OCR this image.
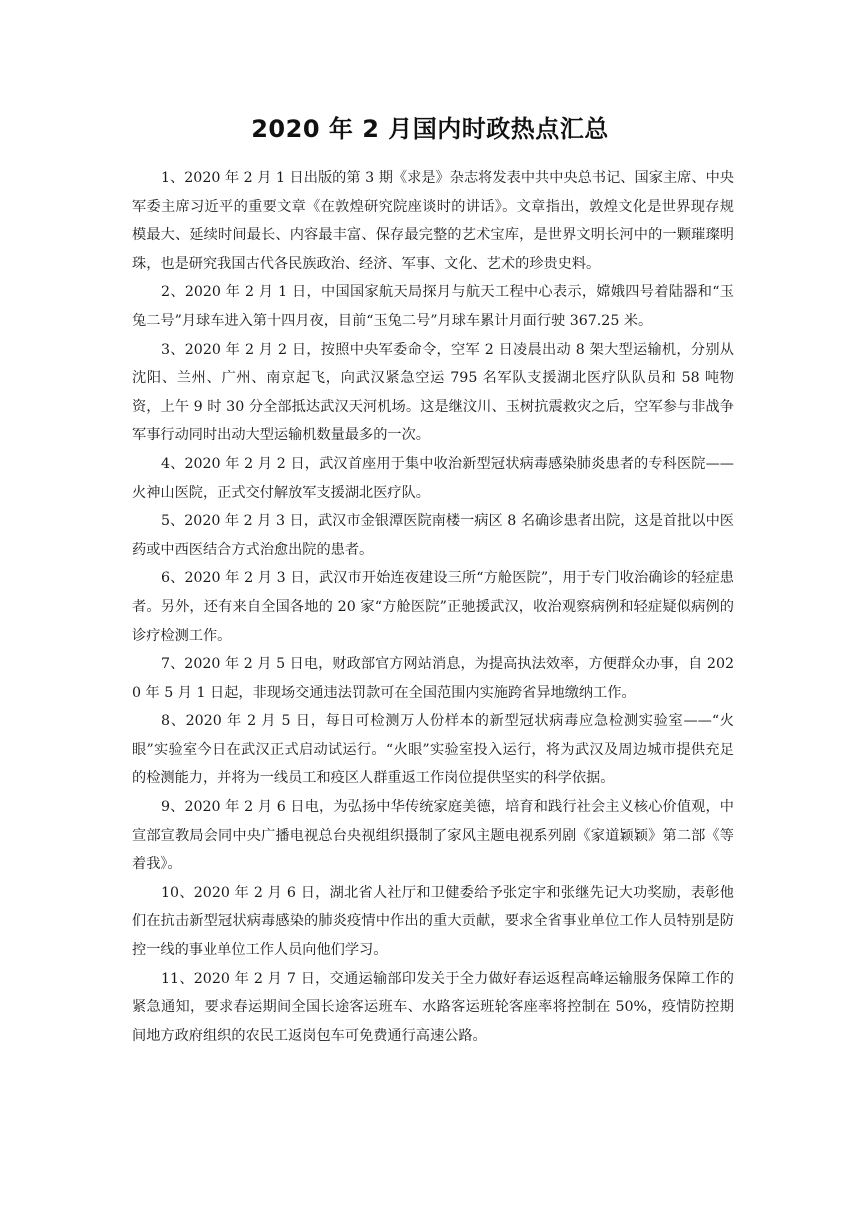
2020 年 2 月国内时政热点汇总

1、2020 年 2 月 1 日出版的第 3 期《求是》杂志将发表中共中央总书记、国家主席、中央军委主席习近平的重要文章《在敦煌研究院座谈时的讲话》。文章指出，敦煌文化是世界现存规模最大、延续时间最长、内容最丰富、保存最完整的艺术宝库，是世界文明长河中的一颗璀璨明珠，也是研究我国古代各民族政治、经济、军事、文化、艺术的珍贵史料。

2、2020 年 2 月 1 日，中国国家航天局探月与航天工程中心表示，嫦娥四号着陆器和“玉兔二号”月球车进入第十四月夜，目前“玉兔二号”月球车累计月面行驶 367.25 米。

3、2020 年 2 月 2 日，按照中央军委命令，空军 2 日凌晨出动 8 架大型运输机，分别从沈阳、兰州、广州、南京起飞，向武汉紧急空运 795 名军队支援湖北医疗队队员和 58 吨物资，上午 9 时 30 分全部抵达武汉天河机场。这是继汶川、玉树抗震救灾之后，空军参与非战争军事行动同时出动大型运输机数量最多的一次。

4、2020 年 2 月 2 日，武汉首座用于集中收治新型冠状病毒感染肺炎患者的专科医院——火神山医院，正式交付解放军支援湖北医疗队。

5、2020 年 2 月 3 日，武汉市金银潭医院南楼一病区 8 名确诊患者出院，这是首批以中医药或中西医结合方式治愈出院的患者。

6、2020 年 2 月 3 日，武汉市开始连夜建设三所“方舱医院”，用于专门收治确诊的轻症患者。另外，还有来自全国各地的 20 家“方舱医院”正驰援武汉，收治观察病例和轻症疑似病例的诊疗检测工作。

7、2020 年 2 月 5 日电，财政部官方网站消息，为提高执法效率，方便群众办事，自 2020 年 5 月 1 日起，非现场交通违法罚款可在全国范围内实施跨省异地缴纳工作。

8、2020 年 2 月 5 日，每日可检测万人份样本的新型冠状病毒应急检测实验室——“火眼”实验室今日在武汉正式启动试运行。“火眼”实验室投入运行，将为武汉及周边城市提供充足的检测能力，并将为一线员工和疫区人群重返工作岗位提供坚实的科学依据。

9、2020 年 2 月 6 日电，为弘扬中华传统家庭美德，培育和践行社会主义核心价值观，中宣部宣教局会同中央广播电视总台央视组织摄制了家风主题电视系列剧《家道颖颖》第二部《等着我》。

10、2020 年 2 月 6 日，湖北省人社厅和卫健委给予张定宇和张继先记大功奖励，表彰他们在抗击新型冠状病毒感染的肺炎疫情中作出的重大贡献，要求全省事业单位工作人员特别是防控一线的事业单位工作人员向他们学习。

11、2020 年 2 月 7 日，交通运输部印发关于全力做好春运返程高峰运输服务保障工作的紧急通知，要求春运期间全国长途客运班车、水路客运班轮客座率将控制在 50%，疫情防控期间地方政府组织的农民工返岗包车可免费通行高速公路。
